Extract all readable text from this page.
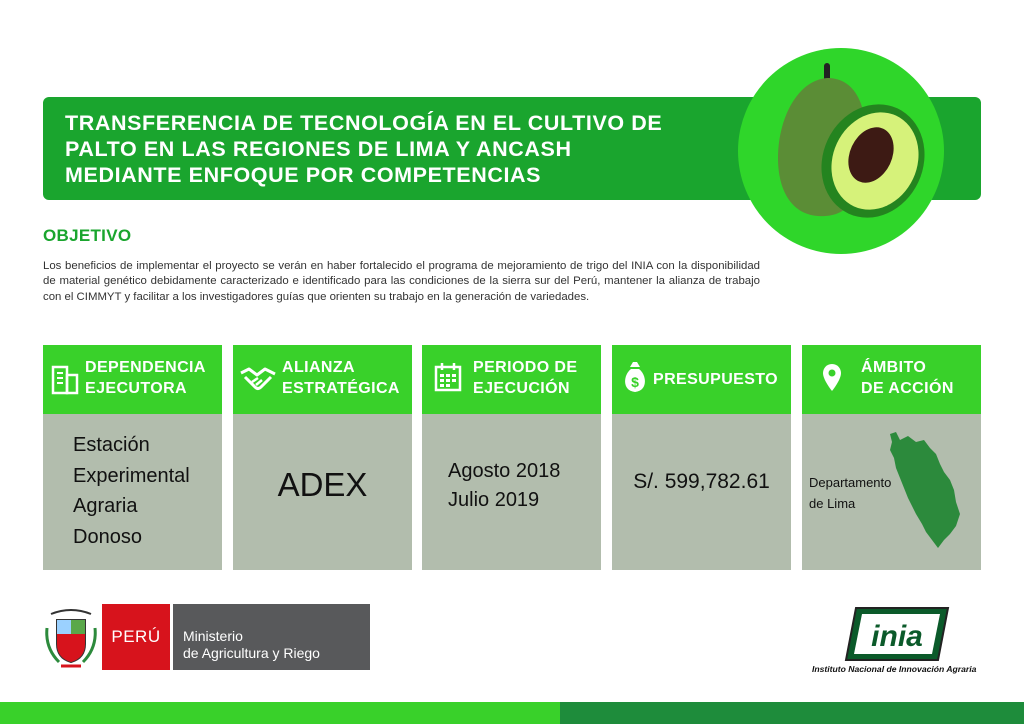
TRANSFERENCIA DE TECNOLOGÍA EN EL CULTIVO DE
PALTO EN LAS REGIONES DE LIMA Y ANCASH
MEDIANTE ENFOQUE POR COMPETENCIAS
OBJETIVO
Los beneficios de implementar el proyecto se verán en haber fortalecido el programa de mejoramiento de trigo del INIA con la disponibilidad de material genético debidamente caracterizado e identificado para las condiciones de la sierra sur del Perú, mantener la alianza de trabajo con el CIMMYT y facilitar a los investigadores guías que orienten su trabajo en la generación de variedades.
DEPENDENCIA
EJECUTORA
Estación
Experimental
Agraria
Donoso
ALIANZA
ESTRATÉGICA
ADEX
PERIODO DE
EJECUCIÓN
Agosto 2018
Julio 2019
$ PRESUPUESTO
S/. 599,782.61
ÁMBITO
DE ACCIÓN
Departamento
de Lima
PERÚ	Ministerio
de Agricultura y Riego	inia
Instituto Nacional de Innovación Agraria
